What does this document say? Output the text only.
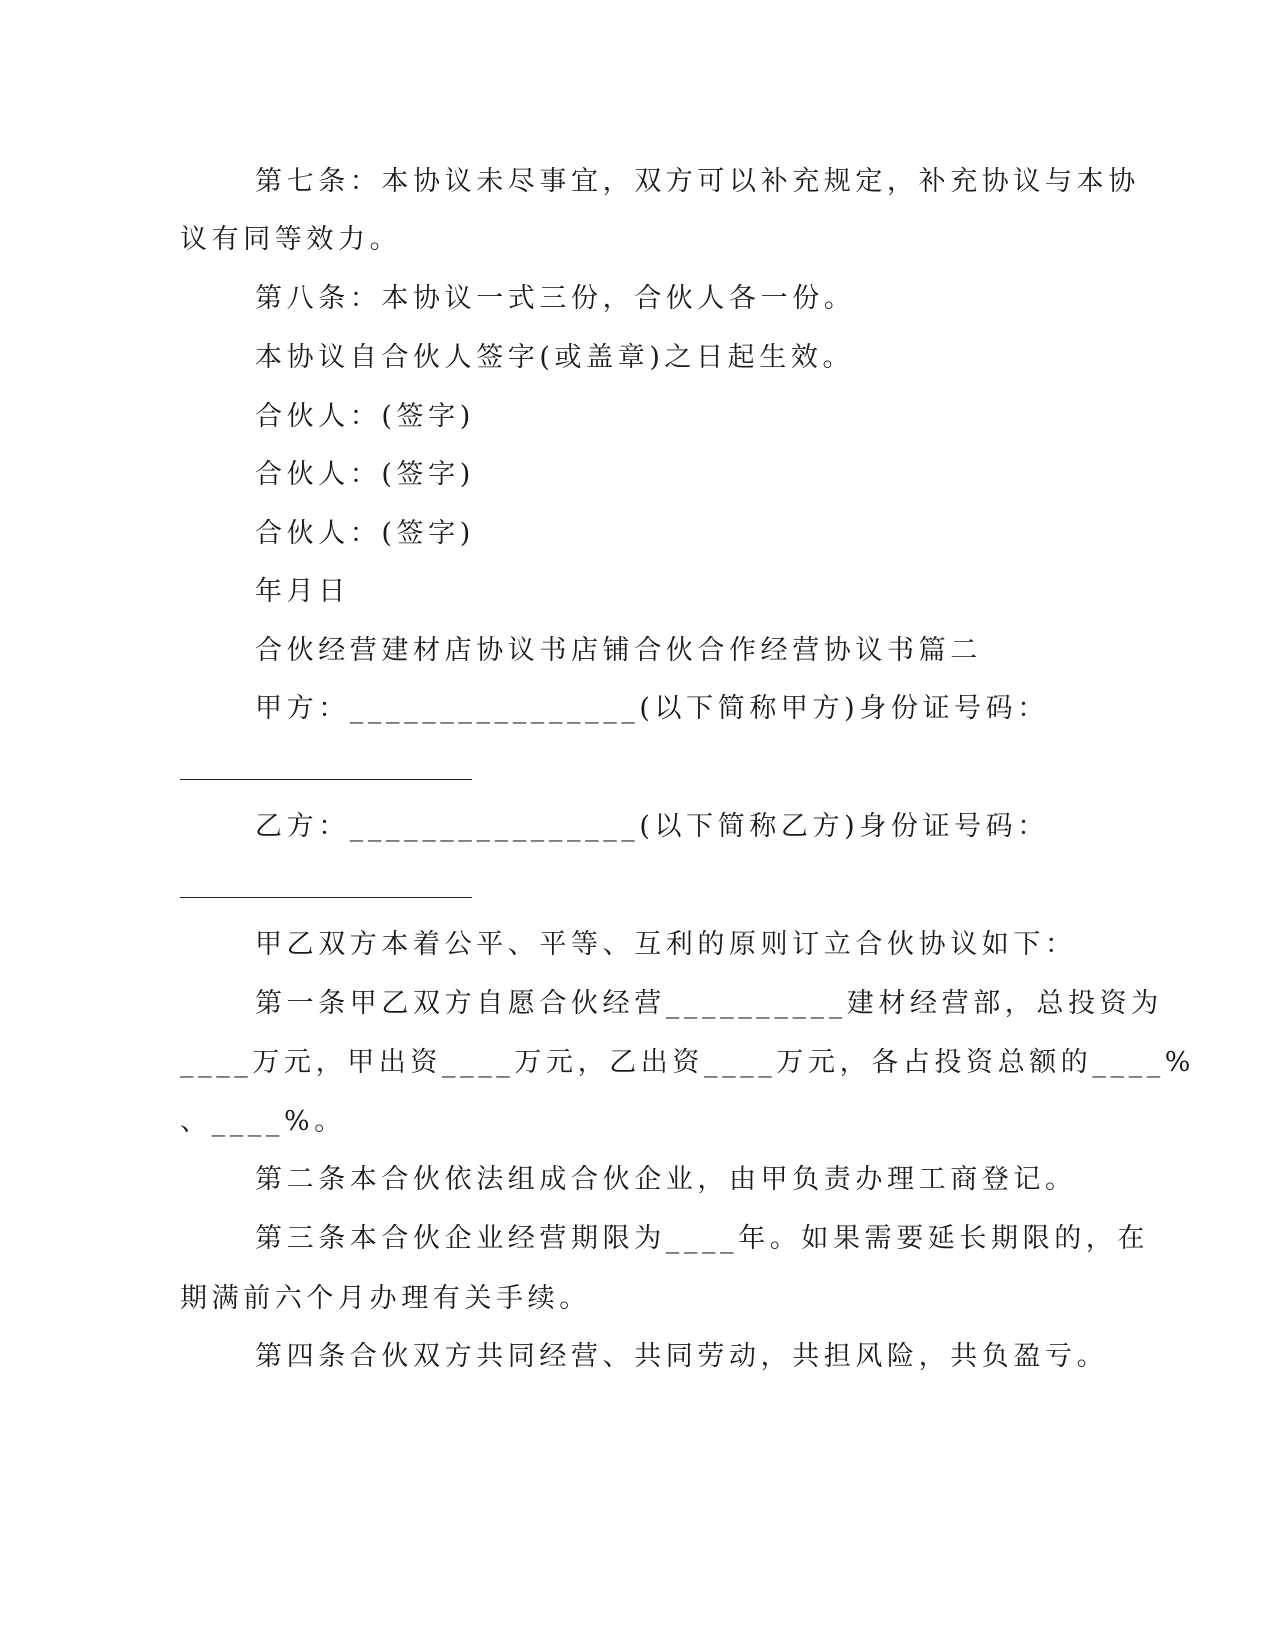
第七条：本协议未尽事宜，双方可以补充规定，补充协议与本协
议有同等效力。
第八条：本协议一式三份，合伙人各一份。
本协议自合伙人签字(或盖章)之日起生效。
合伙人：(签字)
合伙人：(签字)
合伙人：(签字)
年月日
合伙经营建材店协议书店铺合伙合作经营协议书篇二
甲方：________________(以下简称甲方)身份证号码：
乙方：________________(以下简称乙方)身份证号码：
甲乙双方本着公平、平等、互利的原则订立合伙协议如下：
第一条甲乙双方自愿合伙经营__________建材经营部，总投资为
____万元，甲出资____万元，乙出资____万元，各占投资总额的____%
、____%。
第二条本合伙依法组成合伙企业，由甲负责办理工商登记。
第三条本合伙企业经营期限为____年。如果需要延长期限的，在
期满前六个月办理有关手续。
第四条合伙双方共同经营、共同劳动，共担风险，共负盈亏。
